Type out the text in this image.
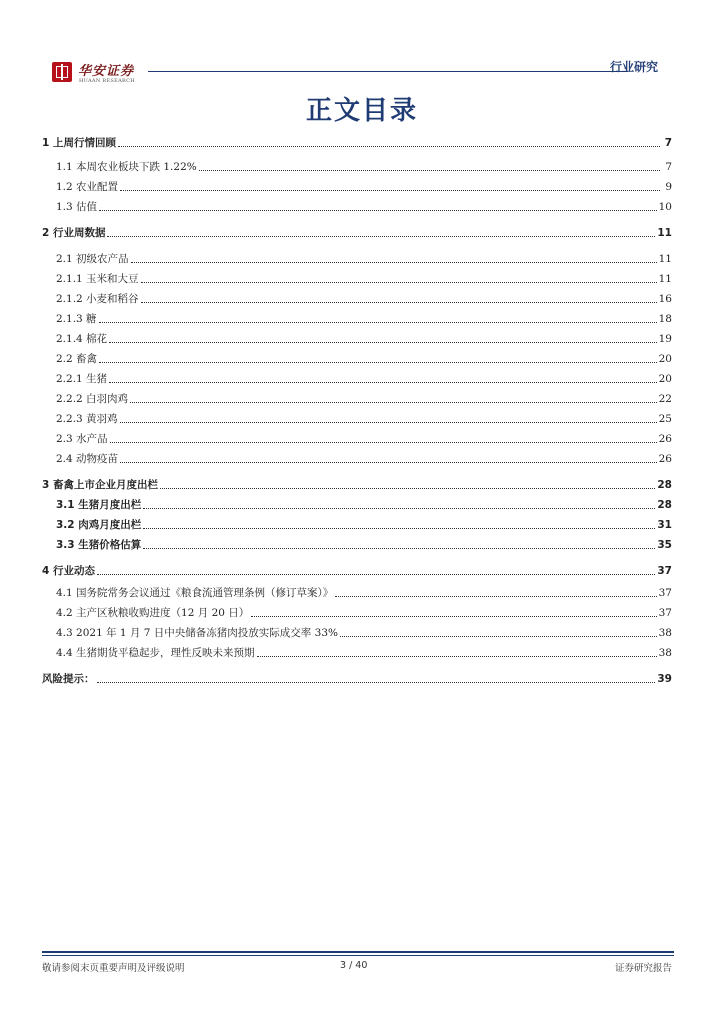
华安证券
HUAAN RESEARCH
行业研究
正文目录
1 上周行情回顾	7
1.1 本周农业板块下跌 1.22%	7
1.2 农业配置	9
1.3 估值	10
2 行业周数据	11
2.1 初级农产品	11
2.1.1 玉米和大豆	11
2.1.2 小麦和稻谷	16
2.1.3 糖	18
2.1.4 棉花	19
2.2 畜禽	20
2.2.1 生猪	20
2.2.2 白羽肉鸡	22
2.2.3 黄羽鸡	25
2.3 水产品	26
2.4 动物疫苗	26
3 畜禽上市企业月度出栏	28
3.1 生猪月度出栏	28
3.2 肉鸡月度出栏	31
3.3 生猪价格估算	35
4 行业动态	37
4.1 国务院常务会议通过《粮食流通管理条例（修订草案）》	37
4.2 主产区秋粮收购进度（12 月 20 日）	37
4.3 2021 年 1 月 7 日中央储备冻猪肉投放实际成交率 33%	38
4.4 生猪期货平稳起步，理性反映未来预期	38
风险提示：	39
敬请参阅末页重要声明及评级说明	3 / 40	证券研究报告
